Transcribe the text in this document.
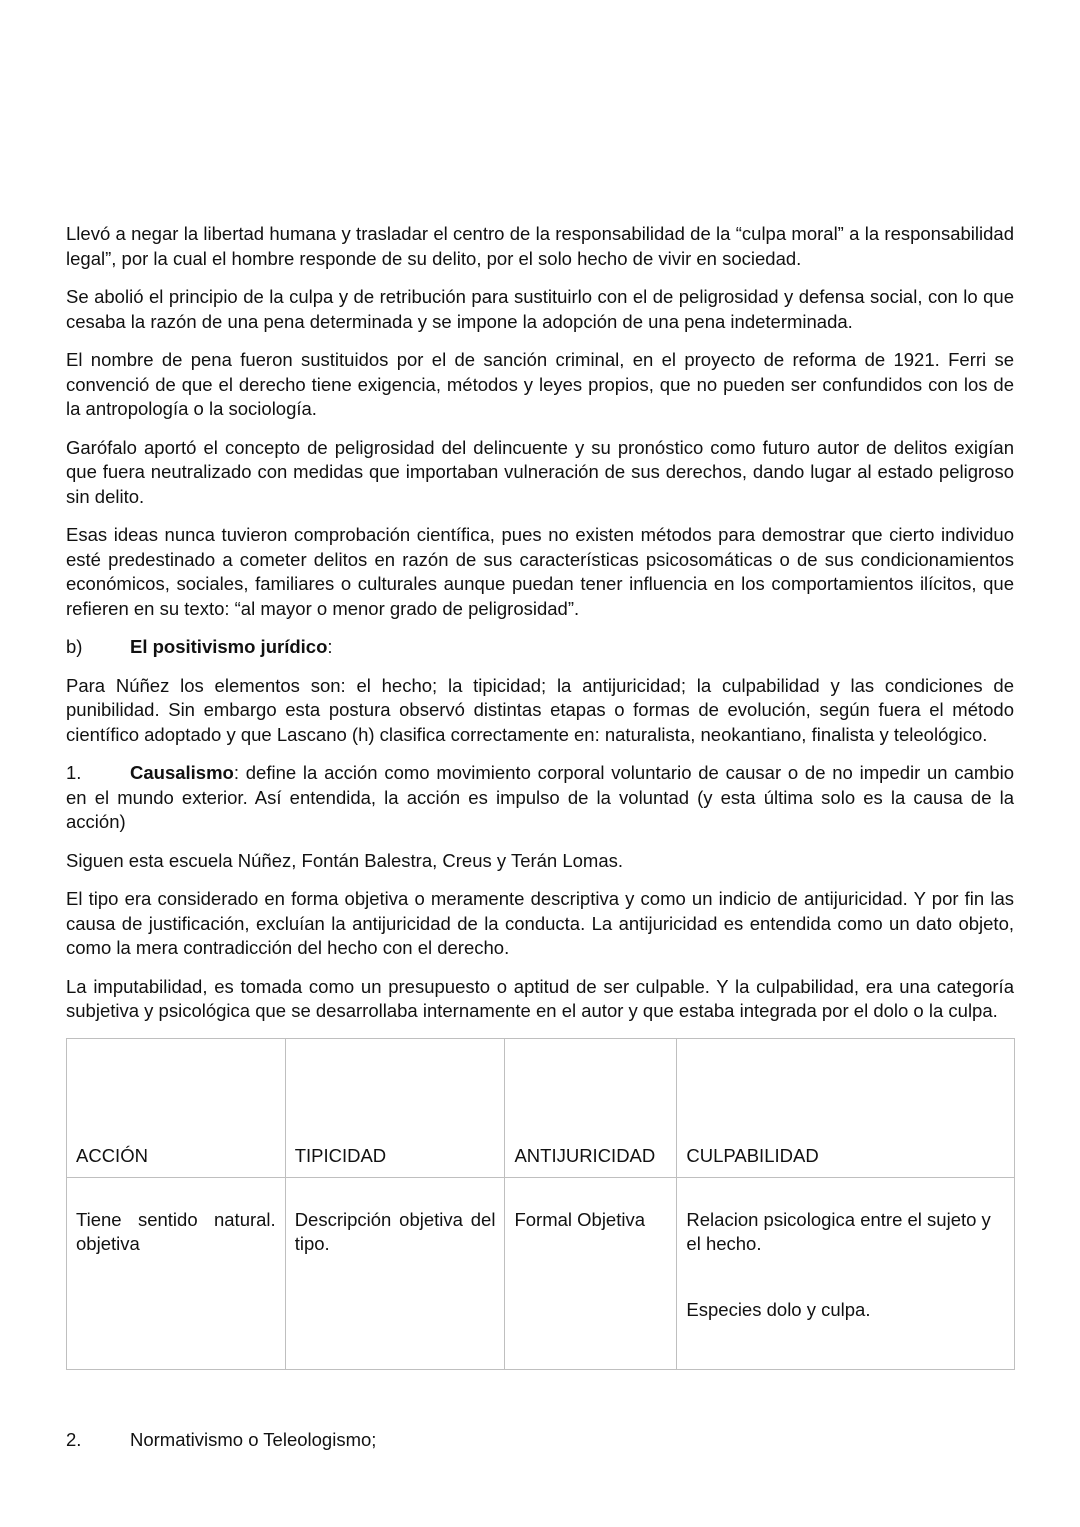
Llevó a negar la libertad humana y trasladar el centro de la responsabilidad de la “culpa moral” a la responsabilidad legal”, por la cual el hombre responde de su delito, por el solo hecho de vivir en sociedad.

Se abolió el principio de la culpa y de retribución para sustituirlo con el de peligrosidad y defensa social, con lo que cesaba la razón de una pena determinada y se impone la adopción de una pena indeterminada.

El nombre de pena fueron sustituidos por el de sanción criminal, en el proyecto de reforma de 1921. Ferri se convenció de que el derecho tiene exigencia, métodos y leyes propios, que no pueden ser confundidos con los de la antropología o la sociología.

Garófalo aportó el concepto de peligrosidad del delincuente y su pronóstico como futuro autor de delitos exigían que fuera neutralizado con medidas que importaban vulneración de sus derechos, dando lugar al estado peligroso sin delito.

Esas ideas nunca tuvieron comprobación científica, pues no existen métodos para demostrar que cierto individuo esté predestinado a cometer delitos en razón de sus características psicosomáticas o de sus condicionamientos económicos, sociales, familiares o culturales aunque puedan tener influencia en los comportamientos ilícitos, que refieren en su texto: “al mayor o menor grado de peligrosidad”.

b)	El positivismo jurídico:

Para Núñez los elementos son: el hecho; la tipicidad; la antijuricidad; la culpabilidad y las condiciones de punibilidad. Sin embargo esta postura observó distintas etapas o formas de evolución, según fuera el método científico adoptado y que Lascano (h) clasifica correctamente en: naturalista, neokantiano, finalista y teleológico.

1.	Causalismo: define la acción como movimiento corporal voluntario de causar o de no impedir un cambio en el mundo exterior. Así entendida, la acción es impulso de la voluntad (y esta última solo es la causa de la acción)

Siguen esta escuela Núñez, Fontán Balestra, Creus y Terán Lomas.

El tipo era considerado en forma objetiva o meramente descriptiva y como un indicio de antijuricidad. Y por fin las causa de justificación, excluían la antijuricidad de la conducta. La antijuricidad es entendida como un dato objeto, como la mera contradicción del hecho con el derecho.

La imputabilidad, es tomada como un presupuesto o aptitud de ser culpable. Y la culpabilidad, era una categoría subjetiva y psicológica que se desarrollaba internamente en el autor y que estaba integrada por el dolo o la culpa.

ACCIÓN	TIPICIDAD	ANTIJURICIDAD	CULPABILIDAD
Tiene sentido natural. objetiva	Descripción objetiva del tipo.	Formal Objetiva	Relacion psicologica entre el sujeto y el hecho.
Especies dolo y culpa.
2.	Normativismo o Teleologismo;
